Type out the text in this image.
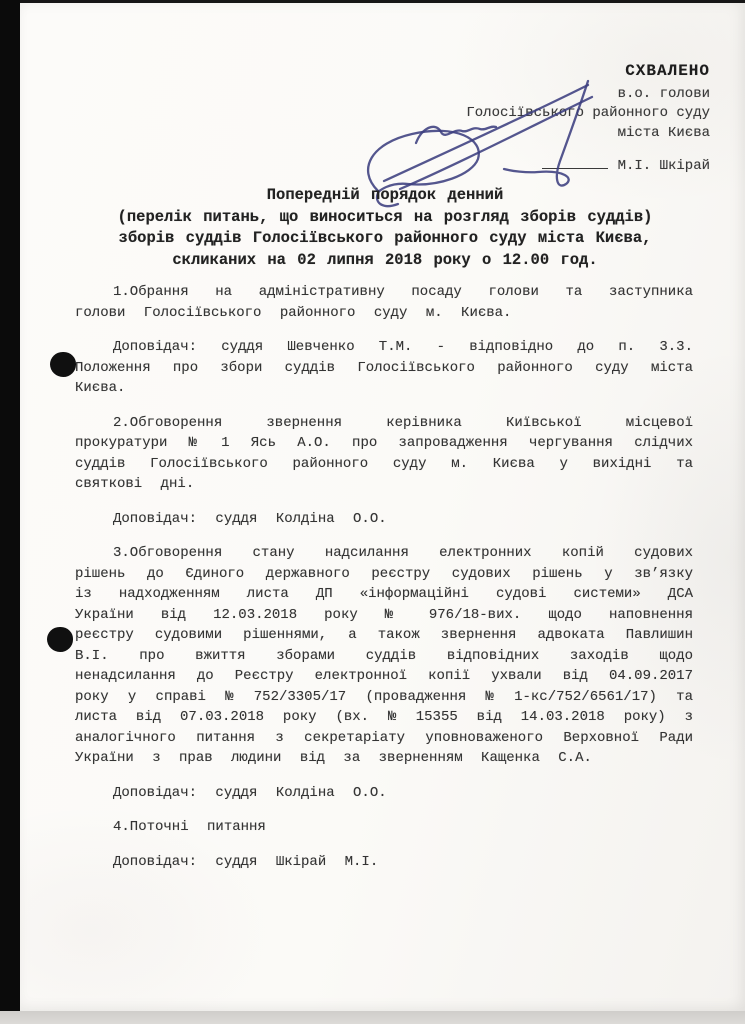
СХВАЛЕНО
в.о. голови
Голосіївського районного суду
міста Києва
М.І. Шкірай
Попередній порядок денний
(перелік питань, що виноситься на розгляд зборів суддів)
зборів суддів Голосіївського районного суду міста Києва,
скликаних на 02 липня 2018 року о 12.00 год.

1.Обрання на адміністративну посаду голови та заступника голови Голосіївського районного суду м. Києва.

Доповідач: суддя Шевченко Т.М. - відповідно до п. 3.3. Положення про збори суддів Голосіївського районного суду міста Києва.

2.Обговорення звернення керівника Київської місцевої прокуратури № 1 Ясь А.О. про запровадження чергування слідчих суддів Голосіївського районного суду м. Києва у вихідні та святкові дні.

Доповідач: суддя Колдіна О.О.

3.Обговорення стану надсилання електронних копій судових рішень до Єдиного державного реєстру судових рішень у зв’язку із надходженням листа ДП «інформаційні судові системи» ДСА України від 12.03.2018 року № 976/18-вих. щодо наповнення реєстру судовими рішеннями, а також звернення адвоката Павлишин В.І. про вжиття зборами суддів відповідних заходів щодо ненадсилання до Реєстру електронної копії ухвали від 04.09.2017 року у справі № 752/3305/17 (провадження № 1-кс/752/6561/17) та листа від 07.03.2018 року (вх. № 15355 від 14.03.2018 року) з аналогічного питання з секретаріату уповноваженого Верховної Ради України з прав людини від за зверненням Кащенка С.А.

Доповідач: суддя Колдіна О.О.

4.Поточні питання

Доповідач: суддя Шкірай М.І.
